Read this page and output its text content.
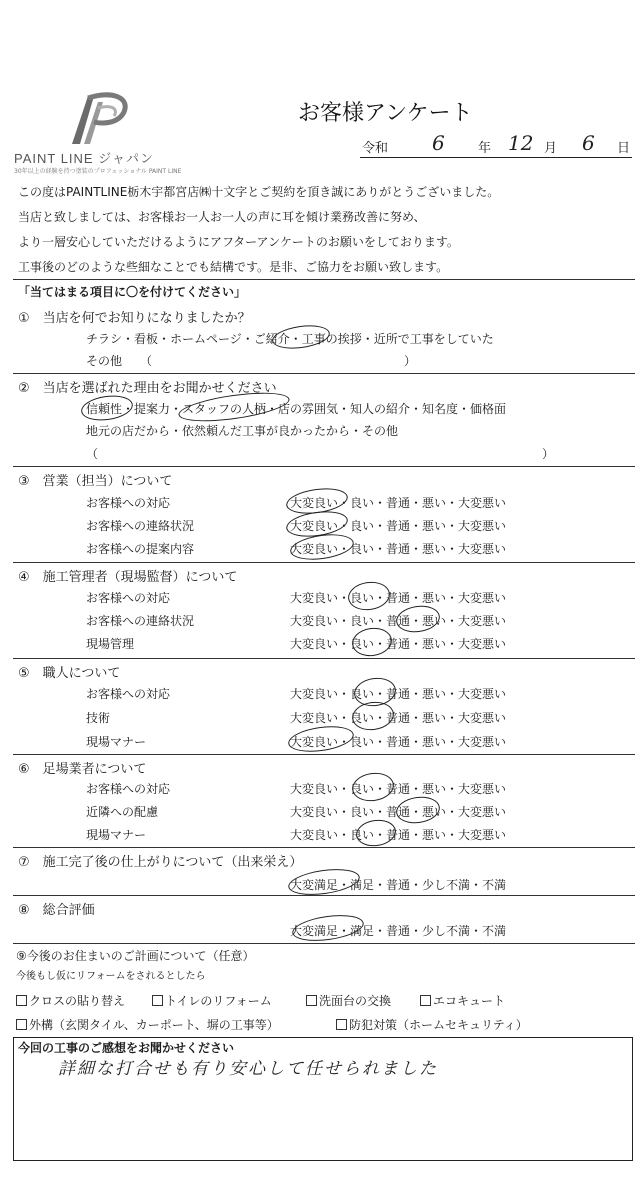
PAINT LINE ジャパン
30年以上の経験を持つ塗装のプロフェッショナル PAINT LINE
お客様アンケート
令和 6	年 12 月 6 日
この度はPAINTLINE栃木宇都宮店㈱十文字とご契約を頂き誠にありがとうございました。
当店と致しましては、お客様お一人お一人の声に耳を傾け業務改善に努め、
より一層安心していただけるようにアフターアンケートのお願いをしております。
工事後のどのような些細なことでも結構です。是非、ご協力をお願い致します。
「当てはまる項目に〇を付けてください」
①　当店を何でお知りになりましたか？
チラシ・看板・ホームページ・ご紹介・工事の挨拶・近所で工事をしていた
その他　　（　　　　　　　　　　　　　　　　　　　　　）
②　当店を選ばれた理由をお聞かせください
信頼性・提案力・スタッフの人柄・店の雰囲気・知人の紹介・知名度・価格面
地元の店だから・依然頼んだ工事が良かったから・その他
（　　　　　　　　　　　　　　　　　　　　　　　　　　　　　　　　　　　　　）
③　営業（担当）について
お客様への対応	大変良い・良い・普通・悪い・大変悪い
お客様への連絡状況	大変良い・良い・普通・悪い・大変悪い
お客様への提案内容	大変良い・良い・普通・悪い・大変悪い
④　施工管理者（現場監督）について
お客様への対応	大変良い・良い・普通・悪い・大変悪い
お客様への連絡状況	大変良い・良い・普通・悪い・大変悪い
現場管理	大変良い・良い・普通・悪い・大変悪い
⑤　職人について
お客様への対応	大変良い・良い・普通・悪い・大変悪い
技術	大変良い・良い・普通・悪い・大変悪い
現場マナー	大変良い・良い・普通・悪い・大変悪い
⑥　足場業者について
お客様への対応	大変良い・良い・普通・悪い・大変悪い
近隣への配慮	大変良い・良い・普通・悪い・大変悪い
現場マナー	大変良い・良い・普通・悪い・大変悪い
⑦　施工完了後の仕上がりについて（出来栄え）
大変満足・満足・普通・少し不満・不満
⑧　総合評価
大変満足・満足・普通・少し不満・不満
⑨今後のお住まいのご計画について（任意）
今後もし仮にリフォームをされるとしたら
クロスの貼り替え	トイレのリフォーム	洗面台の交換	エコキュート
外構（玄関タイル、カーポート、塀の工事等）	防犯対策（ホームセキュリティ）
今回の工事のご感想をお聞かせください
詳細な打合せも有り安心して任せられました
